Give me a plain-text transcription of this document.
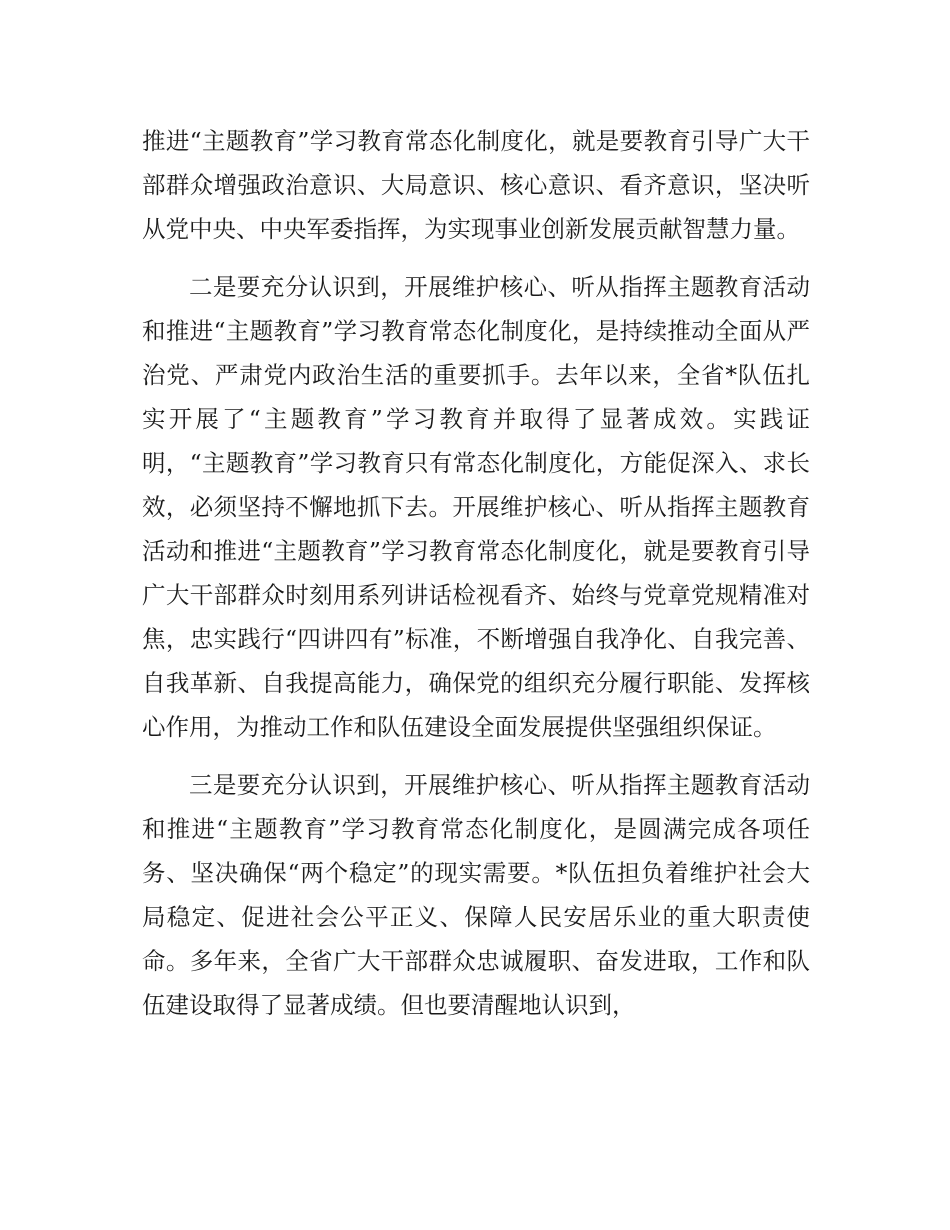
推进“主题教育”学习教育常态化制度化，就是要教育引导广大干部群众增强政治意识、大局意识、核心意识、看齐意识，坚决听从党中央、中央军委指挥，为实现事业创新发展贡献智慧力量。

二是要充分认识到，开展维护核心、听从指挥主题教育活动和推进“主题教育”学习教育常态化制度化，是持续推动全面从严治党、严肃党内政治生活的重要抓手。去年以来，全省*队伍扎实开展了“主题教育”学习教育并取得了显著成效。实践证明，“主题教育”学习教育只有常态化制度化，方能促深入、求长效，必须坚持不懈地抓下去。开展维护核心、听从指挥主题教育活动和推进“主题教育”学习教育常态化制度化，就是要教育引导广大干部群众时刻用系列讲话检视看齐、始终与党章党规精准对焦，忠实践行“四讲四有”标准，不断增强自我净化、自我完善、自我革新、自我提高能力，确保党的组织充分履行职能、发挥核心作用，为推动工作和队伍建设全面发展提供坚强组织保证。

三是要充分认识到，开展维护核心、听从指挥主题教育活动和推进“主题教育”学习教育常态化制度化，是圆满完成各项任务、坚决确保“两个稳定”的现实需要。*队伍担负着维护社会大局稳定、促进社会公平正义、保障人民安居乐业的重大职责使命。多年来，全省广大干部群众忠诚履职、奋发进取，工作和队伍建设取得了显著成绩。但也要清醒地认识到，
